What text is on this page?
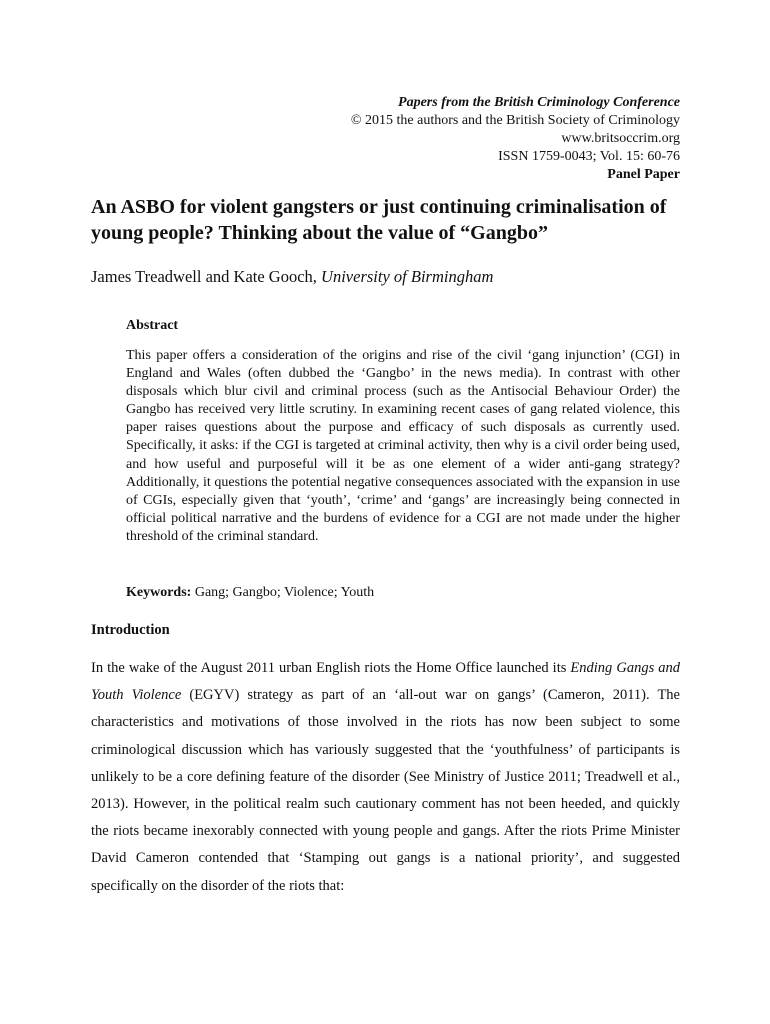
Papers from the British Criminology Conference
© 2015 the authors and the British Society of Criminology
www.britsoccrim.org
ISSN 1759-0043; Vol. 15: 60-76
Panel Paper
An ASBO for violent gangsters or just continuing criminalisation of young people? Thinking about the value of “Gangbo”
James Treadwell and Kate Gooch, University of Birmingham
Abstract
This paper offers a consideration of the origins and rise of the civil ‘gang injunction’ (CGI) in England and Wales (often dubbed the ‘Gangbo’ in the news media). In contrast with other disposals which blur civil and criminal process (such as the Antisocial Behaviour Order) the Gangbo has received very little scrutiny. In examining recent cases of gang related violence, this paper raises questions about the purpose and efficacy of such disposals as currently used. Specifically, it asks: if the CGI is targeted at criminal activity, then why is a civil order being used, and how useful and purposeful will it be as one element of a wider anti-gang strategy? Additionally, it questions the potential negative consequences associated with the expansion in use of CGIs, especially given that ‘youth’, ‘crime’ and ‘gangs’ are increasingly being connected in official political narrative and the burdens of evidence for a CGI are not made under the higher threshold of the criminal standard.
Keywords: Gang; Gangbo; Violence; Youth
Introduction
In the wake of the August 2011 urban English riots the Home Office launched its Ending Gangs and Youth Violence (EGYV) strategy as part of an ‘all-out war on gangs’ (Cameron, 2011). The characteristics and motivations of those involved in the riots has now been subject to some criminological discussion which has variously suggested that the ‘youthfulness’ of participants is unlikely to be a core defining feature of the disorder (See Ministry of Justice 2011; Treadwell et al., 2013). However, in the political realm such cautionary comment has not been heeded, and quickly the riots became inexorably connected with young people and gangs. After the riots Prime Minister David Cameron contended that ‘Stamping out gangs is a national priority’, and suggested specifically on the disorder of the riots that:
